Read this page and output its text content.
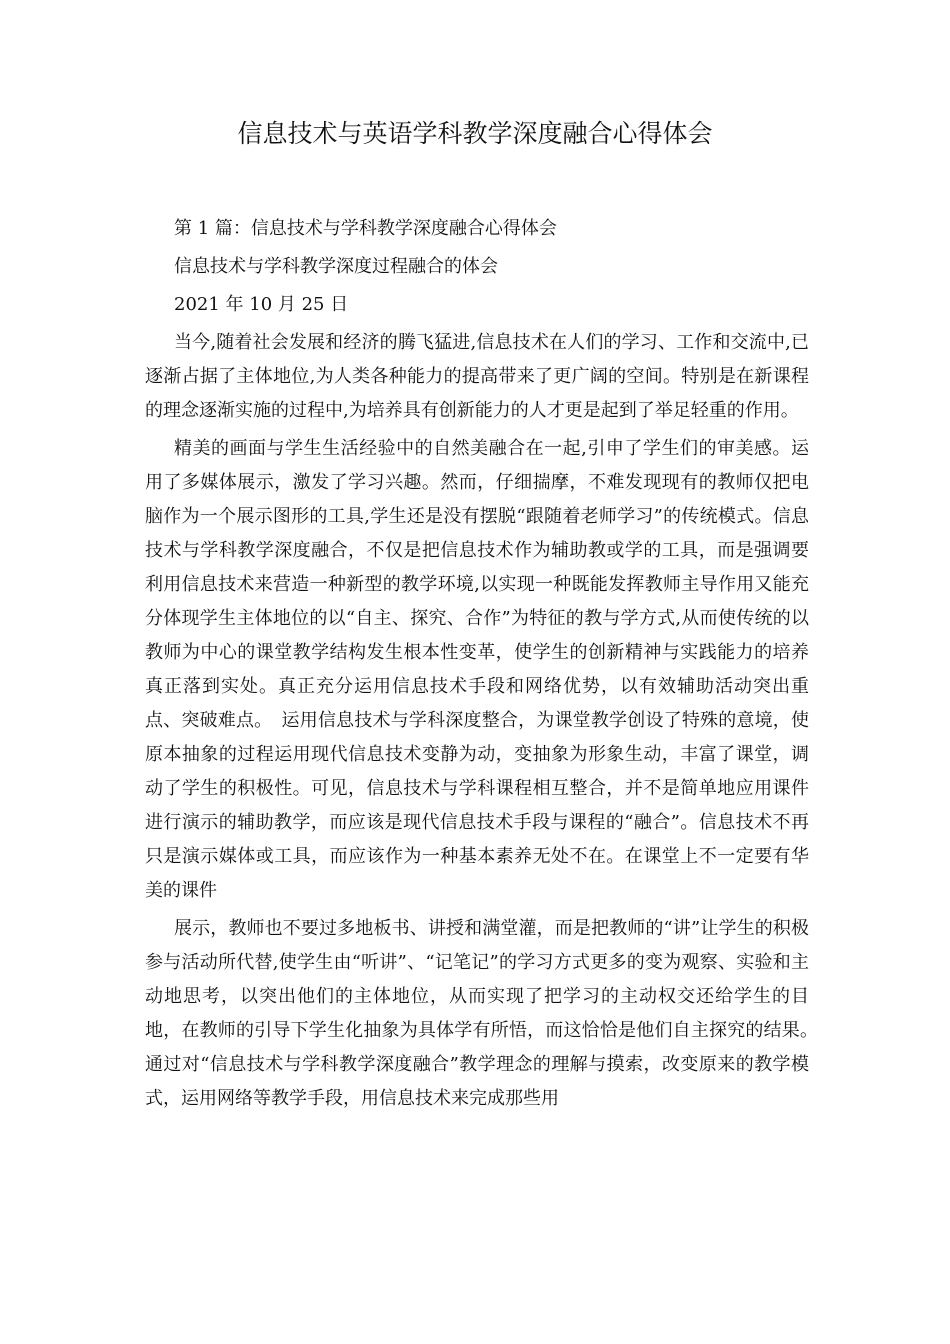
信息技术与英语学科教学深度融合心得体会

第 1 篇：信息技术与学科教学深度融合心得体会

信息技术与学科教学深度过程融合的体会

2021 年 10 月 25 日

当今,随着社会发展和经济的腾飞猛进,信息技术在人们的学习、工作和交流中,已逐渐占据了主体地位,为人类各种能力的提高带来了更广阔的空间。特别是在新课程的理念逐渐实施的过程中,为培养具有创新能力的人才更是起到了举足轻重的作用。

精美的画面与学生生活经验中的自然美融合在一起,引申了学生们的审美感。运用了多媒体展示，激发了学习兴趣。然而，仔细揣摩，不难发现现有的教师仅把电脑作为一个展示图形的工具,学生还是没有摆脱“跟随着老师学习”的传统模式。信息技术与学科教学深度融合，不仅是把信息技术作为辅助教或学的工具，而是强调要利用信息技术来营造一种新型的教学环境,以实现一种既能发挥教师主导作用又能充分体现学生主体地位的以“自主、探究、合作”为特征的教与学方式,从而使传统的以教师为中心的课堂教学结构发生根本性变革，使学生的创新精神与实践能力的培养真正落到实处。真正充分运用信息技术手段和网络优势，以有效辅助活动突出重点、突破难点。　运用信息技术与学科深度整合，为课堂教学创设了特殊的意境，使原本抽象的过程运用现代信息技术变静为动，变抽象为形象生动，丰富了课堂，调动了学生的积极性。可见，信息技术与学科课程相互整合，并不是简单地应用课件进行演示的辅助教学，而应该是现代信息技术手段与课程的“融合”。信息技术不再只是演示媒体或工具，而应该作为一种基本素养无处不在。在课堂上不一定要有华美的课件

展示，教师也不要过多地板书、讲授和满堂灌，而是把教师的“讲”让学生的积极参与活动所代替,使学生由“听讲”、“记笔记”的学习方式更多的变为观察、实验和主动地思考，以突出他们的主体地位，从而实现了把学习的主动权交还给学生的目地，在教师的引导下学生化抽象为具体学有所悟，而这恰恰是他们自主探究的结果。　通过对“信息技术与学科教学深度融合”教学理念的理解与摸索，改变原来的教学模式，运用网络等教学手段，用信息技术来完成那些用
